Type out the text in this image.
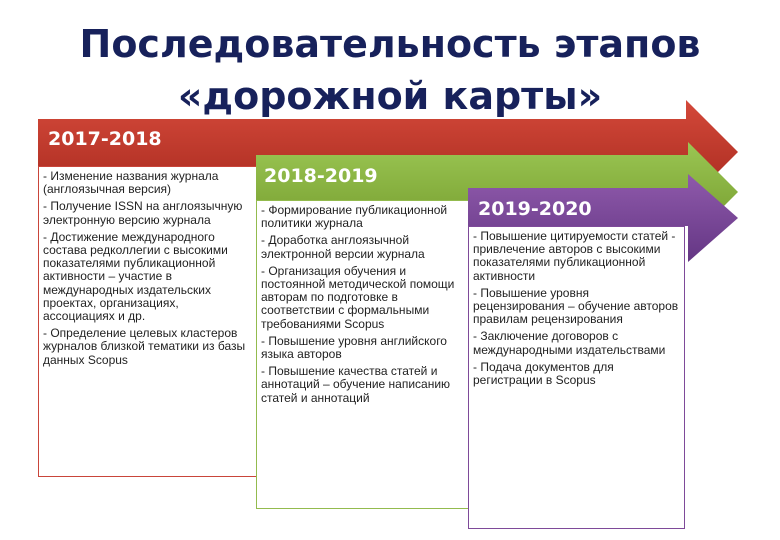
Последовательность этапов
«дорожной карты»
2017-2018
2018-2019
2019-2020
- Изменение названия журнала (англоязычная версия)
- Получение ISSN на англоязычную электронную версию журнала
- Достижение международного состава редколлегии с высокими показателями публикационной активности – участие в международных издательских проектах, организациях, ассоциациях и др.
- Определение целевых кластеров журналов близкой тематики из базы данных Scopus
- Формирование публикационной политики журнала
- Доработка англоязычной электронной версии журнала
- Организация обучения и постоянной методической помощи авторам по подготовке в соответствии с формальными требованиями Scopus
- Повышение уровня английского языка авторов
- Повышение качества статей и аннотаций – обучение написанию статей и аннотаций
- Повышение цитируемости статей - привлечение авторов с высокими показателями публикационной активности
- Повышение уровня рецензирования – обучение авторов правилам рецензирования
- Заключение договоров с международными издательствами
- Подача документов для регистрации в Scopus
